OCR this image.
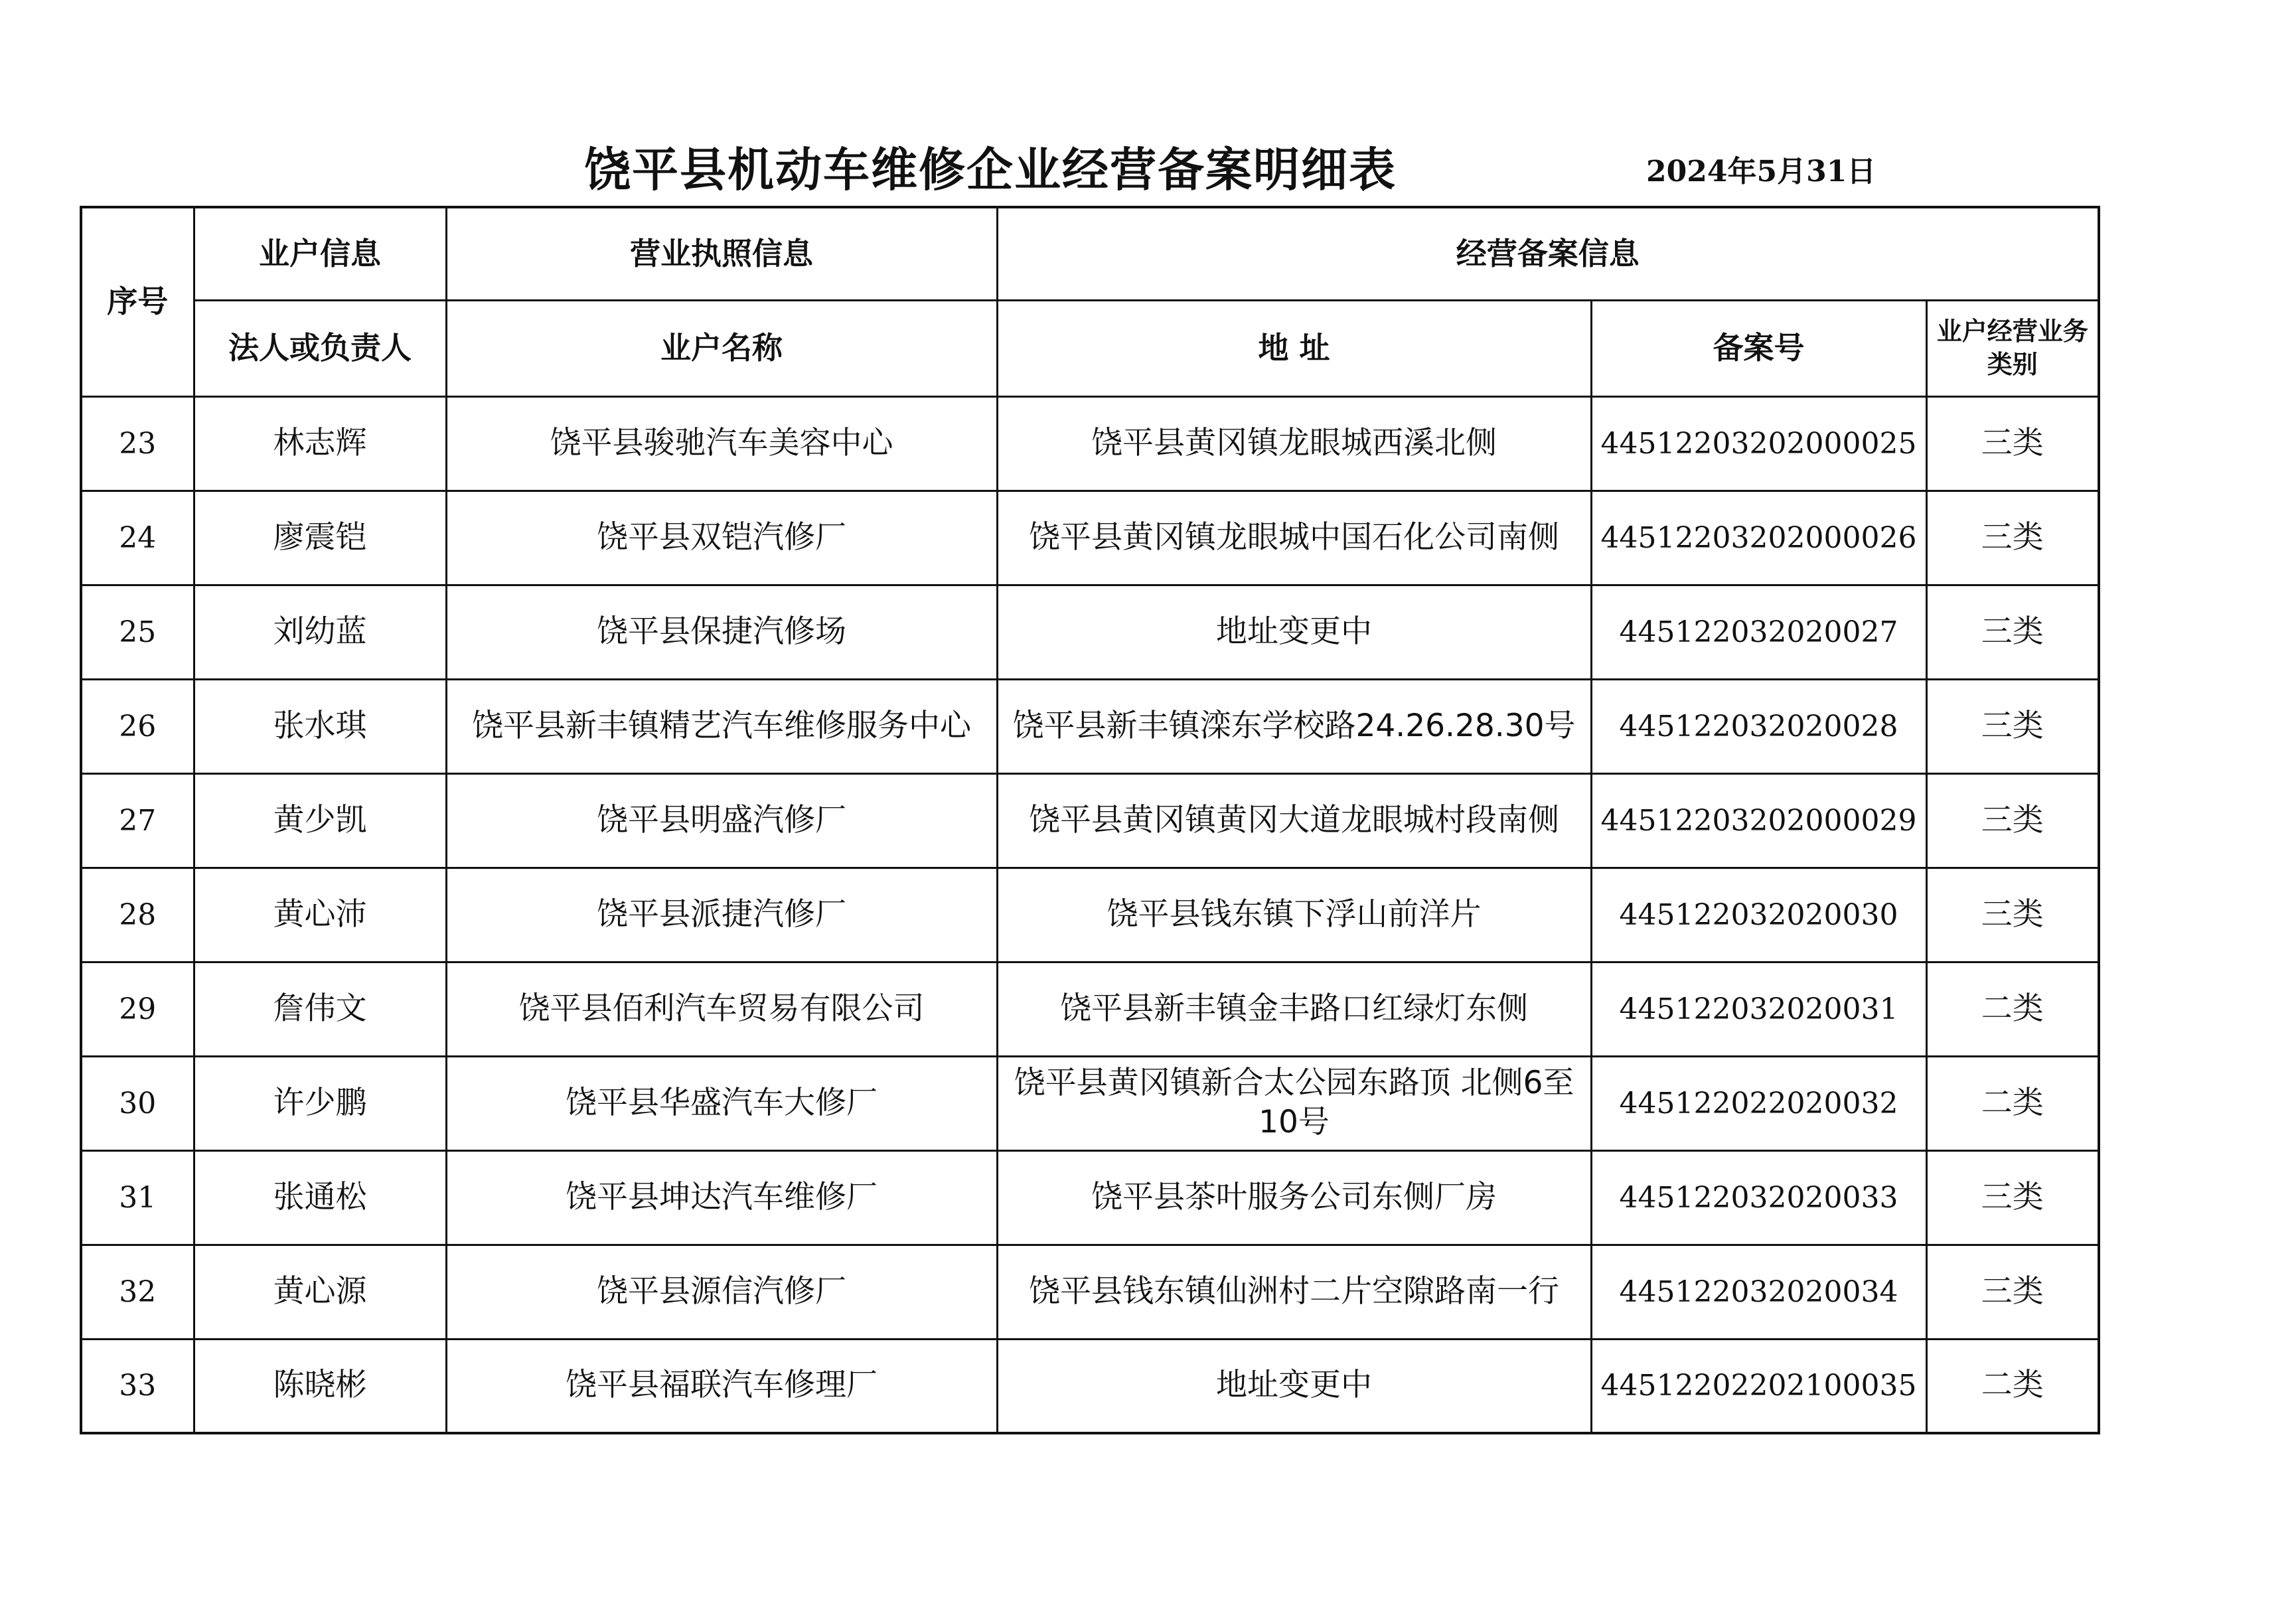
饶平县机动车维修企业经营备案明细表	2024年5月31日
序号	业户信息	营业执照信息	经营备案信息		
	法人或负责人	业户名称	地 址	备案号	业户经营业务类别
23	林志辉	饶平县骏驰汽车美容中心	饶平县黄冈镇龙眼城西溪北侧	44512203202000025	三类
24	廖震铠	饶平县双铠汽修厂	饶平县黄冈镇龙眼城中国石化公司南侧	44512203202000026	三类
25	刘幼蓝	饶平县保捷汽修场	地址变更中	445122032020027	三类
26	张水琪	饶平县新丰镇精艺汽车维修服务中心	饶平县新丰镇滦东学校路24.26.28.30号	445122032020028	三类
27	黄少凯	饶平县明盛汽修厂	饶平县黄冈镇黄冈大道龙眼城村段南侧	44512203202000029	三类
28	黄心沛	饶平县派捷汽修厂	饶平县钱东镇下浮山前洋片	445122032020030	三类
29	詹伟文	饶平县佰利汽车贸易有限公司	饶平县新丰镇金丰路口红绿灯东侧	445122032020031	二类
30	许少鹏	饶平县华盛汽车大修厂	饶平县黄冈镇新合太公园东路顶 北侧6至10号	445122022020032	二类
31	张通松	饶平县坤达汽车维修厂	饶平县茶叶服务公司东侧厂房	445122032020033	三类
32	黄心源	饶平县源信汽修厂	饶平县钱东镇仙洲村二片空隙路南一行	445122032020034	三类
33	陈晓彬	饶平县福联汽车修理厂	地址变更中	44512202202100035	二类
